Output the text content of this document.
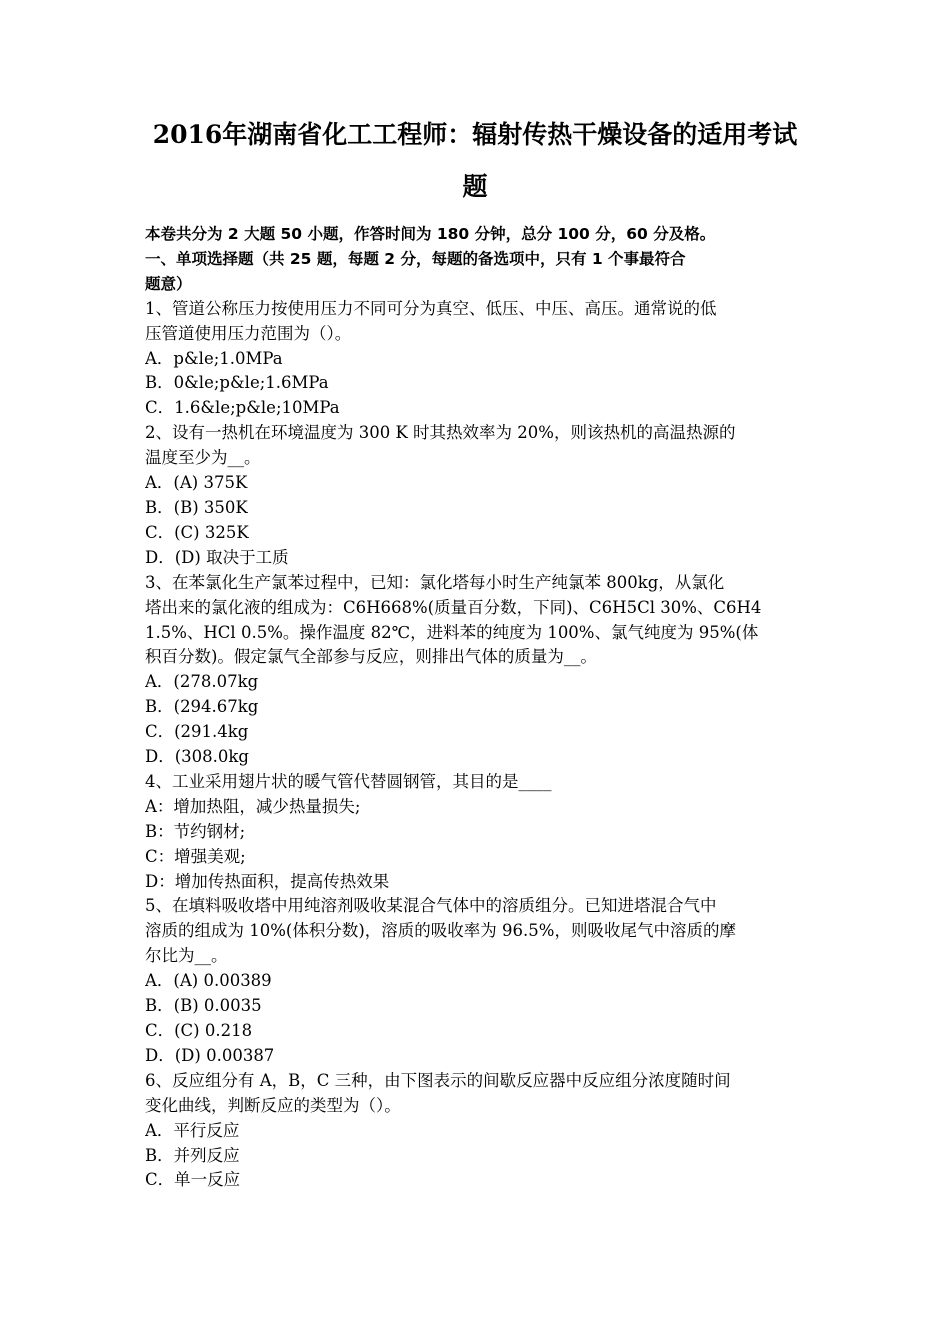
2016年湖南省化工工程师：辐射传热干燥设备的适用考试
题
本卷共分为 2 大题 50 小题，作答时间为 180 分钟，总分 100 分，60 分及格。
一、单项选择题（共 25 题，每题 2 分，每题的备选项中，只有 1 个事最符合
题意）
1、管道公称压力按使用压力不同可分为真空、低压、中压、高压。通常说的低
压管道使用压力范围为（）。
A．p&le;1.0MPa
B．0&le;p&le;1.6MPa
C．1.6&le;p&le;10MPa
2、设有一热机在环境温度为 300 K 时其热效率为 20%，则该热机的高温热源的
温度至少为__。
A．(A) 375K
B．(B) 350K
C．(C) 325K
D．(D) 取决于工质
3、在苯氯化生产氯苯过程中，已知：氯化塔每小时生产纯氯苯 800kg，从氯化
塔出来的氯化液的组成为：C6H668%(质量百分数，下同)、C6H5Cl 30%、C6H4
1.5%、HCl 0.5%。操作温度 82℃，进料苯的纯度为 100%、氯气纯度为 95%(体
积百分数)。假定氯气全部参与反应，则排出气体的质量为__。
A．(278.07kg
B．(294.67kg
C．(291.4kg
D．(308.0kg
4、工业采用翅片状的暖气管代替圆钢管，其目的是____
A：增加热阻，减少热量损失;
B：节约钢材;
C：增强美观;
D：增加传热面积，提高传热效果
5、在填料吸收塔中用纯溶剂吸收某混合气体中的溶质组分。已知进塔混合气中
溶质的组成为 10%(体积分数)，溶质的吸收率为 96.5%，则吸收尾气中溶质的摩
尔比为__。
A．(A) 0.00389
B．(B) 0.0035
C．(C) 0.218
D．(D) 0.00387
6、反应组分有 A，B，C 三种，由下图表示的间歇反应器中反应组分浓度随时间
变化曲线，判断反应的类型为（）。
A．平行反应
B．并列反应
C．单一反应
